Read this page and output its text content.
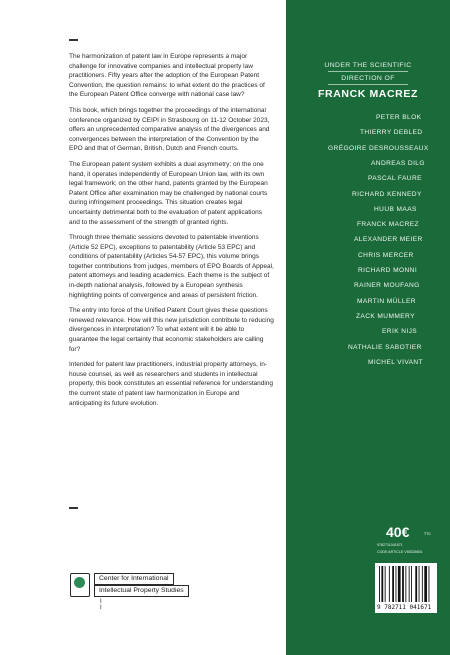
The harmonization of patent law in Europe represents a major challenge for innovative companies and intellectual property law practitioners. Fifty years after the adoption of the European Patent Convention, the question remains: to what extent do the practices of the European Patent Office converge with national case law?

This book, which brings together the proceedings of the international conference organized by CEIPI in Strasbourg on 11-12 October 2023, offers an unprecedented comparative analysis of the divergences and convergences between the interpretation of the Convention by the EPO and that of German, British, Dutch and French courts.

The European patent system exhibits a dual asymmetry: on the one hand, it operates independently of European Union law, with its own legal framework; on the other hand, patents granted by the European Patent Office after examination may be challenged by national courts during infringement proceedings. This situation creates legal uncertainty detrimental both to the evaluation of patent applications and to the assessment of the strength of granted rights.

Through three thematic sessions devoted to patentable inventions (Article 52 EPC), exceptions to patentability (Article 53 EPC) and conditions of patentability (Articles 54-57 EPC), this volume brings together contributions from judges, members of EPO Boards of Appeal, patent attorneys and leading academics. Each theme is the subject of in-depth national analysis, followed by a European synthesis highlighting points of convergence and areas of persistent friction.

The entry into force of the Unified Patent Court gives these questions renewed relevance. How will this new jurisdiction contribute to reducing divergences in interpretation? To what extent will it be able to guarantee the legal certainty that economic stakeholders are calling for?

Intended for patent law practitioners, industrial property attorneys, in-house counsel, as well as researchers and students in intellectual property, this book constitutes an essential reference for understanding the current state of patent law harmonization in Europe and anticipating its future evolution.

Center for International
Intellectual Property Studies
I I
UNDER THE SCIENTIFIC
DIRECTION OF
FRANCK MACREZ
PETER BLOK
THIERRY DEBLED
GRÉGOIRE DESROUSSEAUX
ANDREAS DILG
PASCAL FAURE
RICHARD KENNEDY
HUUB MAAS
FRANCK MACREZ
ALEXANDER MEIER
CHRIS MERCER
RICHARD MONNI
RAINER MOUFANG
MARTIN MÜLLER
ZACK MUMMERY
ERIK NIJS
NATHALIE SABOTIER
MICHEL VIVANT
40€	TTC
9782711041671
CODE ARTICLE V80326601
9 782711 041671
